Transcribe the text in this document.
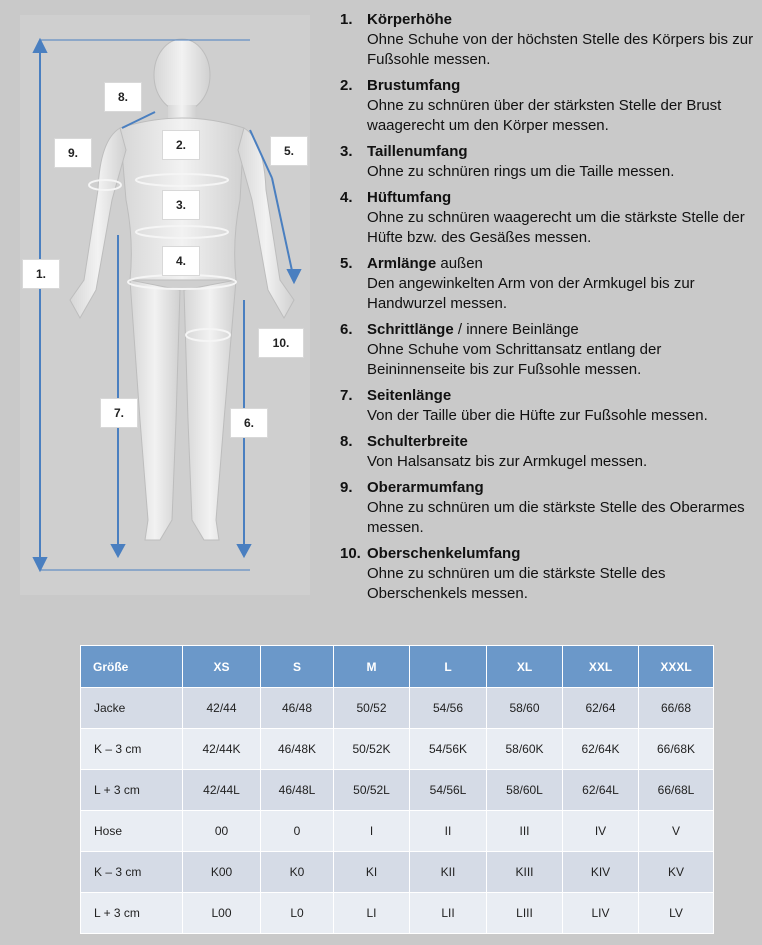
1.
2.
3.
4.
5.
6.
7.
8.
9.
10.
1. Körperhöhe
Ohne Schuhe von der höchsten Stelle des Körpers bis zur Fußsohle messen.
2. Brustumfang
Ohne zu schnüren über der stärksten Stelle der Brust waagerecht um den Körper messen.
3. Taillenumfang
Ohne zu schnüren rings um die Taille messen.
4. Hüftumfang
Ohne zu schnüren waagerecht um die stärkste Stelle der Hüfte bzw. des Gesäßes messen.
5. Armlänge außen
Den angewinkelten Arm von der Armkugel bis zur Handwurzel messen.
6. Schrittlänge / innere Beinlänge
Ohne Schuhe vom Schrittansatz entlang der Beininnenseite bis zur Fußsohle messen.
7. Seitenlänge
Von der Taille über die Hüfte zur Fußsohle messen.
8. Schulterbreite
Von Halsansatz bis zur Armkugel messen.
9. Oberarmumfang
Ohne zu schnüren um die stärkste Stelle des Oberarmes messen.
10. Oberschenkelumfang
Ohne zu schnüren um die stärkste Stelle des Oberschenkels messen.
Größe	XS	S	M	L	XL	XXL	XXXL
Jacke	42/44	46/48	50/52	54/56	58/60	62/64	66/68
K – 3 cm	42/44K	46/48K	50/52K	54/56K	58/60K	62/64K	66/68K
L + 3 cm	42/44L	46/48L	50/52L	54/56L	58/60L	62/64L	66/68L
Hose	00	0	I	II	III	IV	V
K – 3 cm	K00	K0	KI	KII	KIII	KIV	KV
L + 3 cm	L00	L0	LI	LII	LIII	LIV	LV
